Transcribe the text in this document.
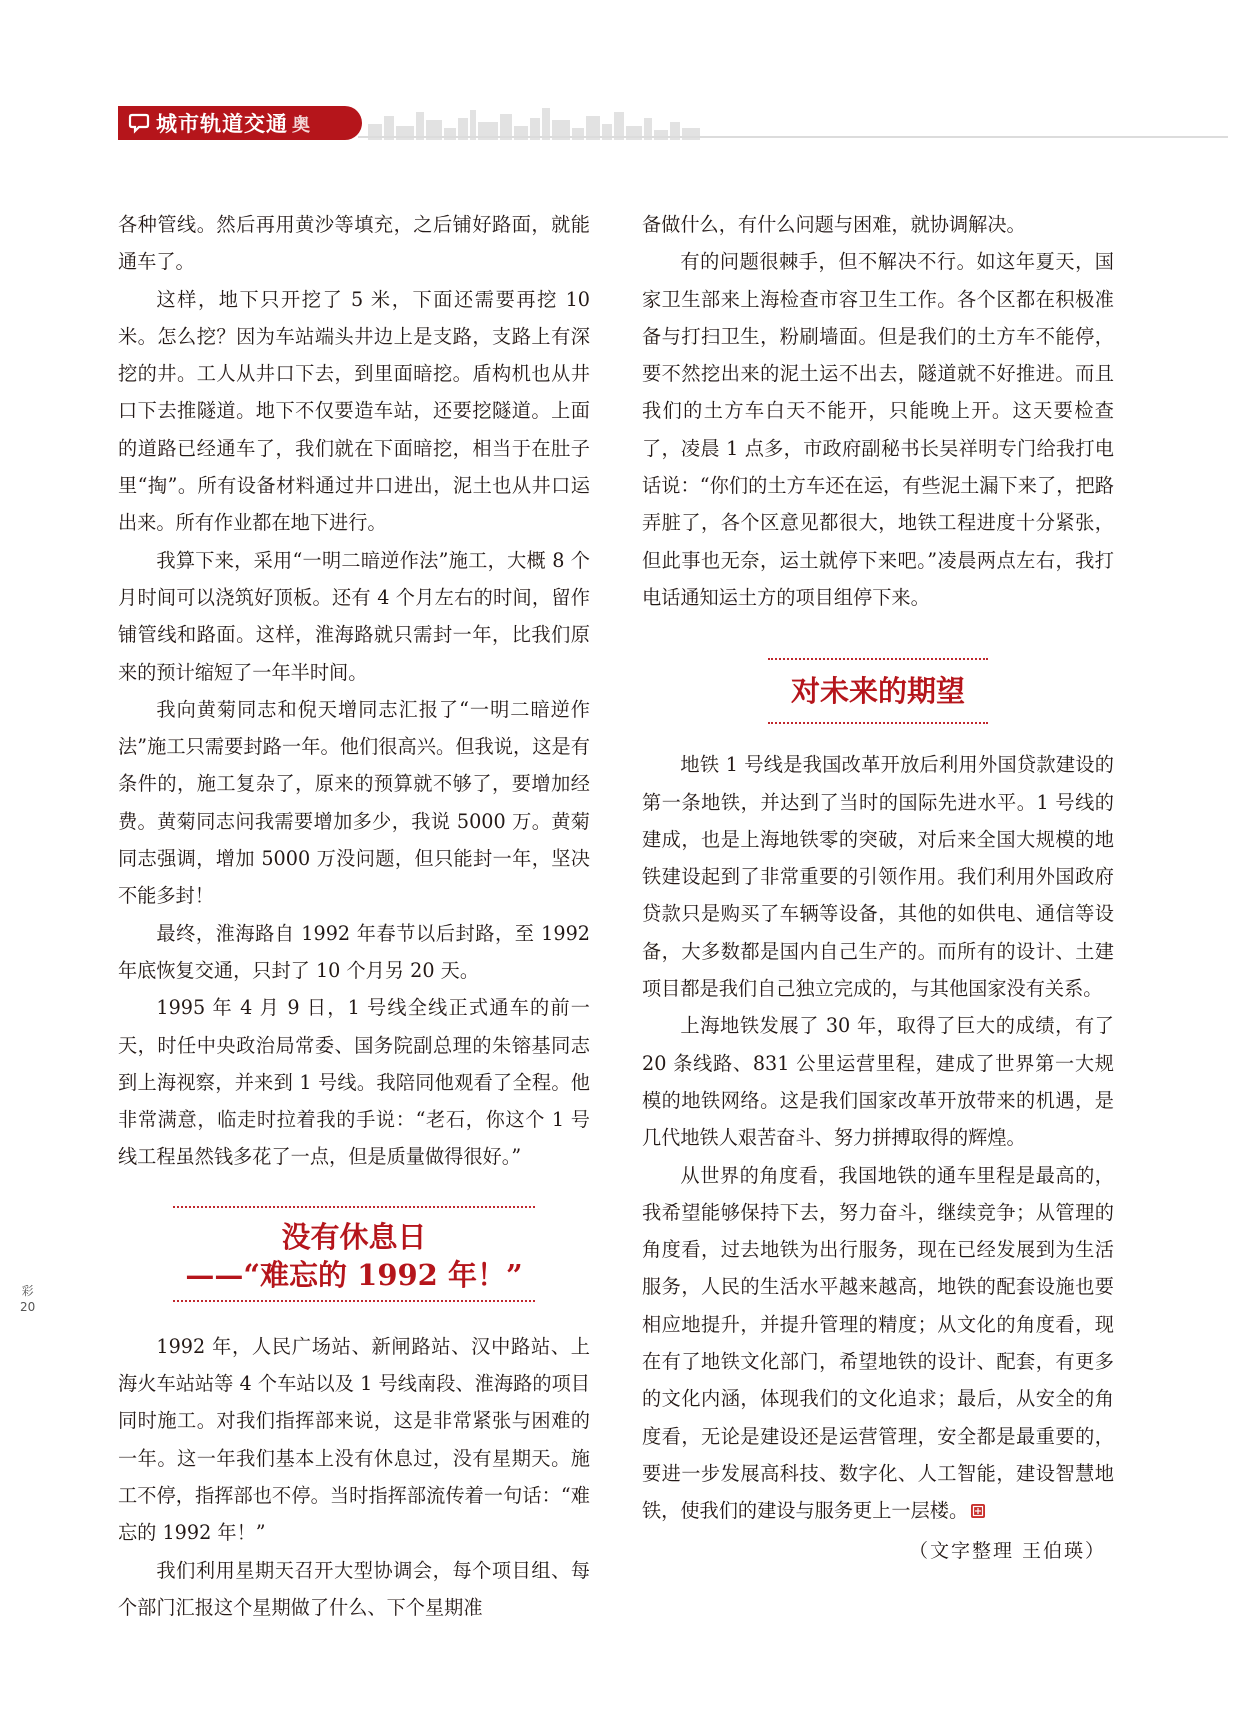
城市轨道交通 奥

各种管线。然后再用黄沙等填充，之后铺好路面，就能通车了。

这样，地下只开挖了 5 米，下面还需要再挖 10 米。怎么挖？因为车站端头井边上是支路，支路上有深挖的井。工人从井口下去，到里面暗挖。盾构机也从井口下去推隧道。地下不仅要造车站，还要挖隧道。上面的道路已经通车了，我们就在下面暗挖，相当于在肚子里“掏”。所有设备材料通过井口进出，泥土也从井口运出来。所有作业都在地下进行。

我算下来，采用“一明二暗逆作法”施工，大概 8 个月时间可以浇筑好顶板。还有 4 个月左右的时间，留作铺管线和路面。这样，淮海路就只需封一年，比我们原来的预计缩短了一年半时间。

我向黄菊同志和倪天增同志汇报了“一明二暗逆作法”施工只需要封路一年。他们很高兴。但我说，这是有条件的，施工复杂了，原来的预算就不够了，要增加经费。黄菊同志问我需要增加多少，我说 5000 万。黄菊同志强调，增加 5000 万没问题，但只能封一年，坚决不能多封！

最终，淮海路自 1992 年春节以后封路，至 1992 年底恢复交通，只封了 10 个月另 20 天。

1995 年 4 月 9 日，1 号线全线正式通车的前一天，时任中央政治局常委、国务院副总理的朱镕基同志到上海视察，并来到 1 号线。我陪同他观看了全程。他非常满意，临走时拉着我的手说：“老石，你这个 1 号线工程虽然钱多花了一点，但是质量做得很好。”

没有休息日
——“难忘的 1992 年！”

1992 年，人民广场站、新闸路站、汉中路站、上海火车站站等 4 个车站以及 1 号线南段、淮海路的项目同时施工。对我们指挥部来说，这是非常紧张与困难的一年。这一年我们基本上没有休息过，没有星期天。施工不停，指挥部也不停。当时指挥部流传着一句话：“难忘的 1992 年！”

我们利用星期天召开大型协调会，每个项目组、每个部门汇报这个星期做了什么、下个星期准

备做什么，有什么问题与困难，就协调解决。

有的问题很棘手，但不解决不行。如这年夏天，国家卫生部来上海检查市容卫生工作。各个区都在积极准备与打扫卫生，粉刷墙面。但是我们的土方车不能停，要不然挖出来的泥土运不出去，隧道就不好推进。而且我们的土方车白天不能开，只能晚上开。这天要检查了，凌晨 1 点多，市政府副秘书长吴祥明专门给我打电话说：“你们的土方车还在运，有些泥土漏下来了，把路弄脏了，各个区意见都很大，地铁工程进度十分紧张，但此事也无奈，运土就停下来吧。”凌晨两点左右，我打电话通知运土方的项目组停下来。

对未来的期望

地铁 1 号线是我国改革开放后利用外国贷款建设的第一条地铁，并达到了当时的国际先进水平。1 号线的建成，也是上海地铁零的突破，对后来全国大规模的地铁建设起到了非常重要的引领作用。我们利用外国政府贷款只是购买了车辆等设备，其他的如供电、通信等设备，大多数都是国内自己生产的。而所有的设计、土建项目都是我们自己独立完成的，与其他国家没有关系。

上海地铁发展了 30 年，取得了巨大的成绩，有了 20 条线路、831 公里运营里程，建成了世界第一大规模的地铁网络。这是我们国家改革开放带来的机遇，是几代地铁人艰苦奋斗、努力拼搏取得的辉煌。

从世界的角度看，我国地铁的通车里程是最高的，我希望能够保持下去，努力奋斗，继续竞争；从管理的角度看，过去地铁为出行服务，现在已经发展到为生活服务，人民的生活水平越来越高，地铁的配套设施也要相应地提升，并提升管理的精度；从文化的角度看，现在有了地铁文化部门，希望地铁的设计、配套，有更多的文化内涵，体现我们的文化追求；最后，从安全的角度看，无论是建设还是运营管理，安全都是最重要的，要进一步发展高科技、数字化、人工智能，建设智慧地铁，使我们的建设与服务更上一层楼。

（文字整理 王伯瑛）
彩
20
